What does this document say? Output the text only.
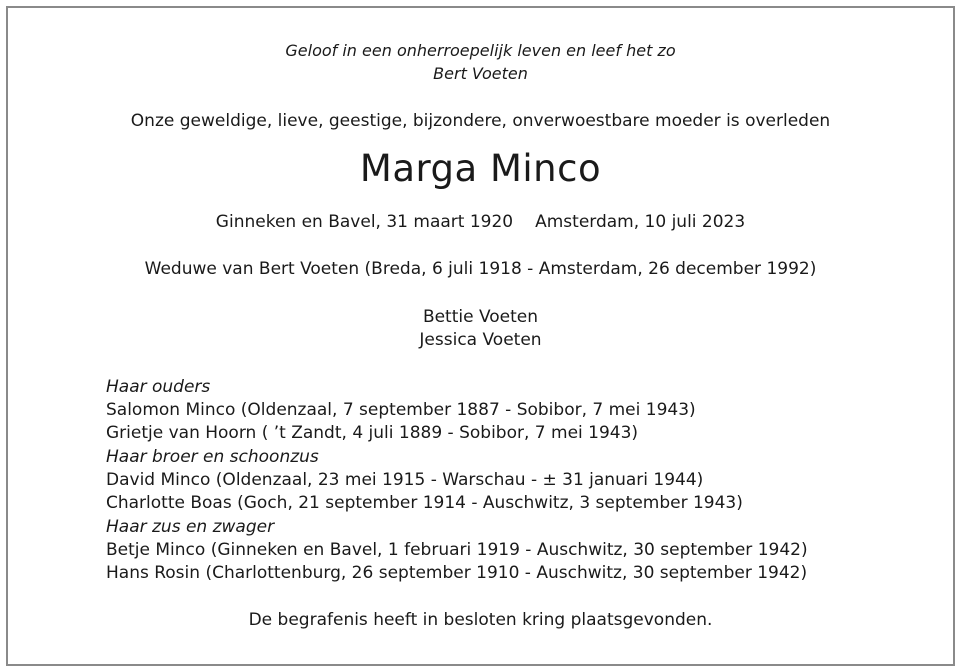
Geloof in een onherroepelijk leven en leef het zo

Bert Voeten

Onze geweldige, lieve, geestige, bijzondere, onverwoestbare moeder is overleden

Marga Minco

Ginneken en Bavel, 31 maart 1920 Amsterdam, 10 juli 2023

Weduwe van Bert Voeten (Breda, 6 juli 1918 - Amsterdam, 26 december 1992)

Bettie Voeten

Jessica Voeten

Haar ouders

Salomon Minco (Oldenzaal, 7 september 1887 - Sobibor, 7 mei 1943)

Grietje van Hoorn ( ’t Zandt, 4 juli 1889 - Sobibor, 7 mei 1943)

Haar broer en schoonzus

David Minco (Oldenzaal, 23 mei 1915 - Warschau - ± 31 januari 1944)

Charlotte Boas (Goch, 21 september 1914 - Auschwitz, 3 september 1943)

Haar zus en zwager

Betje Minco (Ginneken en Bavel, 1 februari 1919 - Auschwitz, 30 september 1942)

Hans Rosin (Charlottenburg, 26 september 1910 - Auschwitz, 30 september 1942)

De begrafenis heeft in besloten kring plaatsgevonden.
